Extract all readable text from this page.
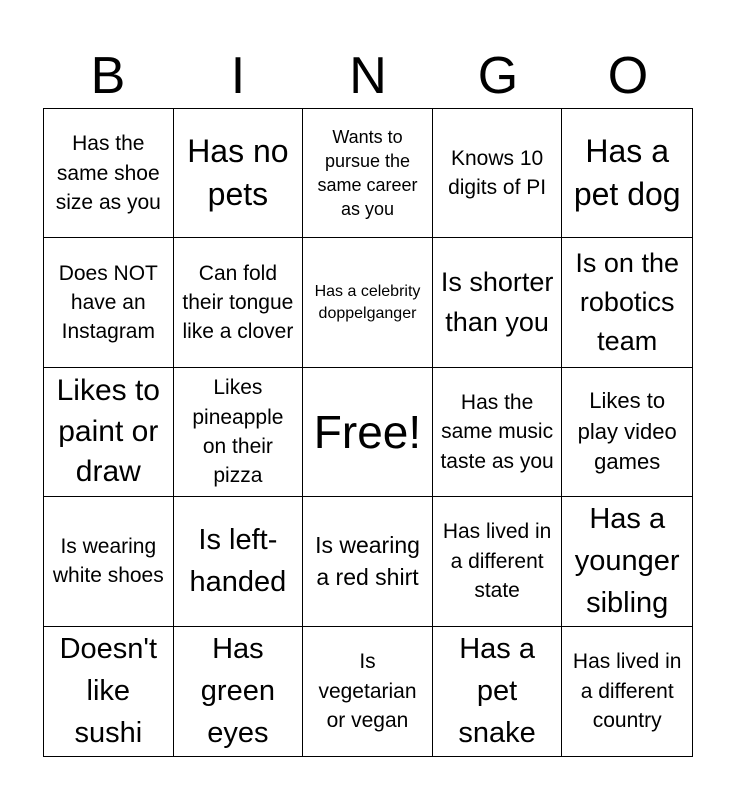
B	I	N	G	O
Has the same shoe size as you
Has no pets
Wants to pursue the same career as you
Knows 10 digits of PI
Has a pet dog
Does NOT have an Instagram
Can fold their tongue like a clover
Has a celebrity doppelganger
Is shorter than you
Is on the robotics team
Likes to paint or draw
Likes pineapple on their pizza
Free!
Has the same music taste as you
Likes to play video games
Is wearing white shoes
Is left-handed
Is wearing a red shirt
Has lived in a different state
Has a younger sibling
Doesn't like sushi
Has green eyes
Is vegetarian or vegan
Has a pet snake
Has lived in a different country
